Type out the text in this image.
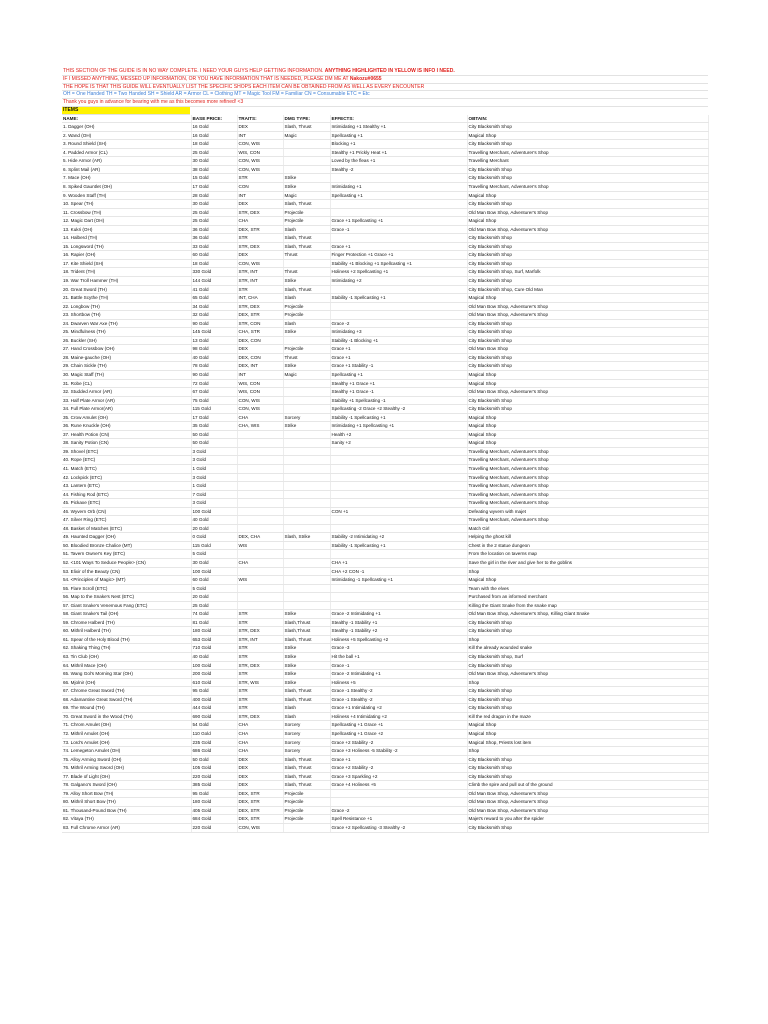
THIS SECTION OF THE GUIDE IS IN NO WAY COMPLETE. I NEED YOUR GUYS HELP GETTING INFORMATION. ANYTHING HIGHLIGHTED IN YELLOW IS INFO I NEED.
IF I MISSED ANYTHING, MESSED UP INFORMATION, OR YOU HAVE INFORMATION THAT IS NEEDED, PLEASE DM ME AT Nakozu#0655
THE HOPE IS THAT THIS GUIDE WILL EVENTUALLY LIST THE SPECIFIC SHOPS EACH ITEM CAN BE OBTAINED FROM AS WELL AS EVERY ENCOUNTER
OH = One Handed TH = Two Handed SH = Shield AR = Armor CL = Clothing MT = Magic Tool FM = Familiar CN = Consumable ETC = Etc
Thank you guys in advance for bearing with me as this becomes more refined! <3
ITEMS
NAME:	BASE PRICE:	TRAITS:	DMG TYPE:	EFFECTS:	OBTAIN:
1. Dagger (OH)	16 Gold	DEX	Slash, Thrust	Intimidating +1 Stealthy +1	City Blacksmith Shop
2. Wand (OH)	16 Gold	INT	Magic	Spellcasting +1	Magical Shop
3. Round Shield (SH)	18 Gold	CON, WIS		Blocking +1	City Blacksmith Shop
4. Padded Armor (CL)	25 Gold	WIS, CON		Stealthy +1 Prickly Heat +1	Travelling Merchant, Adventurer's Shop
5. Hide Armor (AR)	30 Gold	CON, WIS		Loved by the fleas +1	Travelling Merchant
6. Splint Mail (AR)	38 Gold	CON, WIS		Stealthy -2	City Blacksmith Shop
7. Mace (OH)	15 Gold	STR	Strike		City Blacksmith Shop
8. Spiked Gauntlet (OH)	17 Gold	CON	Strike	Intimidating +1	Travelling Merchant, Adventurer's Shop
9. Wooden Staff (TH)	28 Gold	INT	Magic	Spellcasting +1	Magical Shop
10. Spear (TH)	30 Gold	DEX	Slash, Thrust		City Blacksmith Shop
11. Crossbow (TH)	25 Gold	STR, DEX	Projectile		Old Man Bow Shop, Adventurer's Shop
12. Magic Dart (OH)	25 Gold	CHA	Projectile	Grace +1 Spellcasting +1	Magical Shop
13. Kukri (OH)	36 Gold	DEX, STR	Slash	Grace -1	Old Man Bow Shop, Adventurer's Shop
14. Halberd (TH)	36 Gold	STR	Slash, Thrust		City Blacksmith Shop
15. Longsword (TH)	33 Gold	STR, DEX	Slash, Thrust	Grace +1	City Blacksmith Shop
16. Rapier (OH)	60 Gold	DEX	Thrust	Finger Protection +1 Grace +1	City Blacksmith Shop
17. Kite Shield (SH)	18 Gold	CON, WIS		Stability +1 Blocking +1 Spellcasting +1	City Blacksmith Shop
18. Trident (TH)	330 Gold	STR, INT	Thrust	Holiness +2 Spellcasting +1	City Blacksmith Shop, Surf, Marfolk
19. War Troll Hammer (TH)	144 Gold	STR, INT	Strike	Intimidating +2	City Blacksmith Shop
20. Great Sword (TH)	41 Gold	STR	Slash, Thrust		City Blacksmith Shop, Cure Old Man
21. Battle Scythe (TH)	65 Gold	INT, CHA	Slash	Stability -1 Spellcasting +1	Magical Shop
22. Longbow (TH)	34 Gold	STR, DEX	Projectile		Old Man Bow Shop, Adventurer's Shop
23. Shortbow (TH)	32 Gold	DEX, STR	Projectile		Old Man Bow Shop, Adventurer's Shop
24. Dwarven War Axe (TH)	90 Gold	STR, CON	Slash	Grace -2	City Blacksmith Shop
25. Mindfulness (TH)	145 Gold	CHA, STR	Strike	Intimidating +3	City Blacksmith Shop
26. Buckler (SH)	13 Gold	DEX, CON		Stability -1 Blocking +1	City Blacksmith Shop
27. Hand Crossbow (OH)	98 Gold	DEX	Projectile	Grace +1	Old Man Bow Shop
28. Maine-gauche (OH)	40 Gold	DEX, CON	Thrust	Grace +1	City Blacksmith Shop
29. Chain Sickle (TH)	78 Gold	DEX, INT	Strike	Grace +1 Stability -1	City Blacksmith Shop
30. Magic Staff (TH)	90 Gold	INT	Magic	Spellcasting +1	Magical Shop
31. Robe (CL)	72 Gold	WIS, CON		Stealthy +1 Grace +1	Magical Shop
32. Studded Armor (AR)	67 Gold	WIS, CON		Stealthy +1 Grace -1	Old Man Bow Shop, Adventurer's Shop
33. Half Plate Armor (AR)	75 Gold	CON, WIS		Stability +1 Spellcasting -1	City Blacksmith Shop
34. Full Plate Armor(AR)	115 Gold	CON, WIS		Spellcasting -2 Grace +2 Stealthy -2	City Blacksmith Shop
35. Crow Amulet (OH)	17 Gold	CHA	Sorcery	Stability -1 Spellcasting +1	Magical Shop
36. Rune Knuckle (OH)	35 Gold	CHA, WIS	Strike	Intimidating +1 Spellcasting +1	Magical Shop
37. Health Potion (CN)	50 Gold			Health +2	Magical Shop
38. Sanity Potion (CN)	50 Gold			Sanity +2	Magical Shop
39. Shovel (ETC)	3 Gold				Travelling Merchant, Adventurer's Shop
40. Rope (ETC)	3 Gold				Travelling Merchant, Adventurer's Shop
41. Match (ETC)	1 Gold				Travelling Merchant, Adventurer's Shop
42. Lockpick (ETC)	3 Gold				Travelling Merchant, Adventurer's Shop
43. Lantern (ETC)	1 Gold				Travelling Merchant, Adventurer's Shop
44. Fishing Rod (ETC)	7 Gold				Travelling Merchant, Adventurer's Shop
45. Pickaxe (ETC)	3 Gold				Travelling Merchant, Adventurer's Shop
46. Wyvern Orb (CN)	100 Gold			CON +1	Defeating wyvern with majet
47. Silver Ring (ETC)	40 Gold				Travelling Merchant, Adventurer's Shop
48. Basket of Matches (ETC)	20 Gold				Match Girl
49. Haunted Dagger (OH)	0 Gold	DEX, CHA	Slash, Strike	Stability -2 Intimidating +2	Helping the ghost kill
50. Bloodied Bronze Chalice (MT)	115 Gold	WIS		Stability -1 Spellcasting +1	Chest in the 2 statue dungeon
51. Tavern Owner's Key (ETC)	5 Gold				From the location on taverns map
52. <101 Ways To Seduce People> (CN)	30 Gold	CHA		CHA +1	Save the girl in the river and give her to the goblins
53. Elixir of the Beauty (CN)	100 Gold			CHA +2 CON -1	Shop
54. <Principles of Magic> (MT)	60 Gold	WIS		Intimidating -1 Spellcasting +1	Magical Shop
55. Flare Scroll (ETC)	5 Gold				Team with the elves
56. Map to the Snake's Nest (ETC)	20 Gold				Purchased from an informed merchant
57. Giant Snake's Venemous Fang (ETC)	25 Gold				Killing the Giant Snake from the snake map
58. Giant Snake's Tail (OH)	74 Gold	STR	Strike	Grace -2 Intimidating +1	Old Man Bow Shop, Adventurer's Shop, Killing Giant Snake
59. Chrome Halberd (TH)	81 Gold	STR	Slash,Thrust	Stealthy -1 Stability +1	City Blacksmith Shop
60. Mithril Halberd (TH)	180 Gold	STR, DEX	Slash,Thrust	Stealthy -1 Stability +2	City Blacksmith Shop
61. Spear of the Holy Blood (TH)	653 Gold	STR, INT	Slash, Thrust	Holiness +5 Spellcasting +2	Shop
62. Shaking Thing (TH)	710 Gold	STR	Strike	Grace -3	Kill the already wounded snake
63. Tin Club (OH)	40 Gold	STR	Strike	Hit the ball +1	City Blacksmith Shop, Surf
64. Mithril Mace (OH)	100 Gold	STR, DEX	Strike	Grace -1	City Blacksmith Shop
65. Wang Gol's Morning Star (OH)	200 Gold	STR	Strike	Grace -2 Intimidating +1	Old Man Bow Shop, Adventurer's Shop
66. Mjolnir (OH)	610 Gold	STR, WIS	Strike	Holiness +5	Shop
67. Chrome Great Sword (TH)	95 Gold	STR	Slash, Thrust	Grace -1 Stealthy -2	City Blacksmith Shop
68. Adamantine Great Sword (TH)	400 Gold	STR	Slash, Thrust	Grace -1 Stealthy -2	City Blacksmith Shop
69. The Wound (TH)	444 Gold	STR	Slash	Grace +1 Intimidating +2	City Blacksmith Shop
70. Great Sword in the Wood (TH)	690 Gold	STR, DEX	Slash	Holiness +4 Intimidating +2	Kill the red dragon in the maze
71. Chrom Amulet (OH)	54 Gold	CHA	Sorcery	Spellcasting +1 Grace +1	Magical Shop
72. Mithril Amulet (OH)	110 Gold	CHA	Sorcery	Spellcasting +1 Grace +2	Magical Shop
73. Lord's Amulet (OH)	235 Gold	CHA	Sorcery	Grace +2 Stability -2	Magical Shop, Priests lost item
74. Lemegeton Amulet (OH)	686 Gold	CHA	Sorcery	Grace +3 Holiness -5 Stability -2	Shop
75. Alloy Arming Sword (OH)	50 Gold	DEX	Slash, Thrust	Grace +1	City Blacksmith Shop
76. Mithril Arming Sword (OH)	105 Gold	DEX	Slash, Thrust	Grace +2 Stability -2	City Blacksmith Shop
77. Blade of Light (OH)	220 Gold	DEX	Slash, Thrust	Grace +3 Sparkling +2	City Blacksmith Shop
78. Galgano's Sword (OH)	385 Gold	DEX	Slash, Thrust	Grace +4 Holiness +5	Climb the spire and pull out of the ground
79. Alloy Short Bow (TH)	95 Gold	DEX, STR	Projectile		Old Man Bow Shop, Adventurer's Shop
80. Mithril Short Bow (TH)	180 Gold	DEX, STR	Projectile		Old Man Bow Shop, Adventurer's Shop
81. Thousand-Pound Bow (TH)	405 Gold	DEX, STR	Projectile	Grace -2	Old Man Bow Shop, Adventurer's Shop
82. Vitaya (TH)	684 Gold	DEX, STR	Projectile	Spell Resistance +1	Majet's reward to you after the spider
83. Full Chrome Armor (AR)	220 Gold	CON, WIS		Grace +2 Spellcasting -3 Stealthy -2	City Blacksmith Shop
